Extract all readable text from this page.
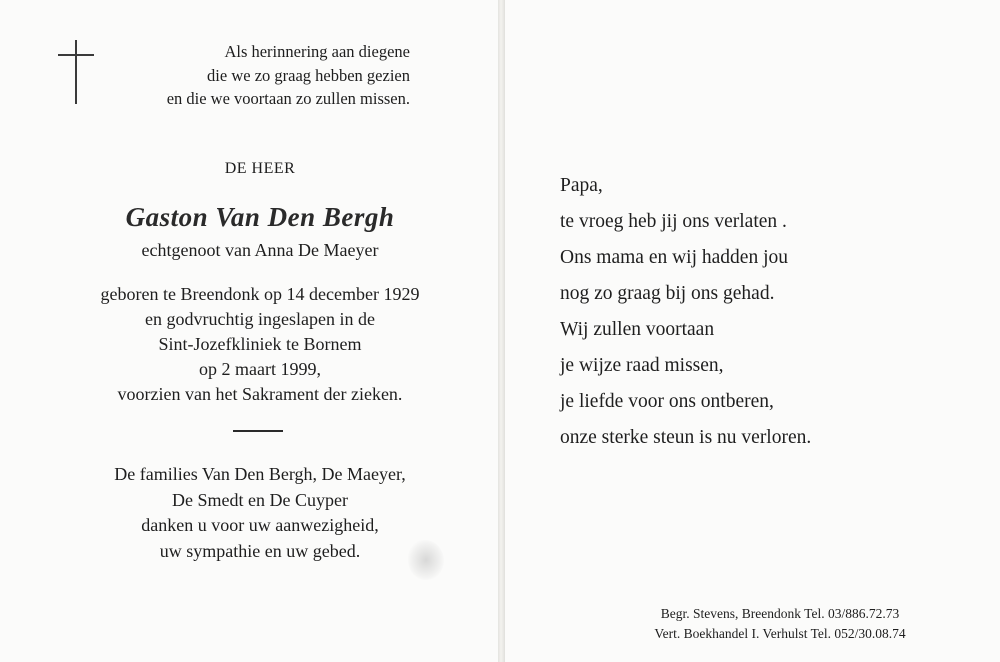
Als herinnering aan diegene
die we zo graag hebben gezien
en die we voortaan zo zullen missen.
DE HEER
Gaston Van Den Bergh
echtgenoot van Anna De Maeyer
geboren te Breendonk op 14 december 1929
en godvruchtig ingeslapen in de
Sint-Jozefkliniek te Bornem
op 2 maart 1999,
voorzien van het Sakrament der zieken.
De families Van Den Bergh, De Maeyer,
De Smedt en De Cuyper
danken u voor uw aanwezigheid,
uw sympathie en uw gebed.
Papa,
te vroeg heb jij ons verlaten .
Ons mama en wij hadden jou
nog zo graag bij ons gehad.
Wij zullen voortaan
je wijze raad missen,
je liefde voor ons ontberen,
onze sterke steun is nu verloren.
Begr. Stevens, Breendonk Tel. 03/886.72.73
Vert. Boekhandel I. Verhulst Tel. 052/30.08.74
